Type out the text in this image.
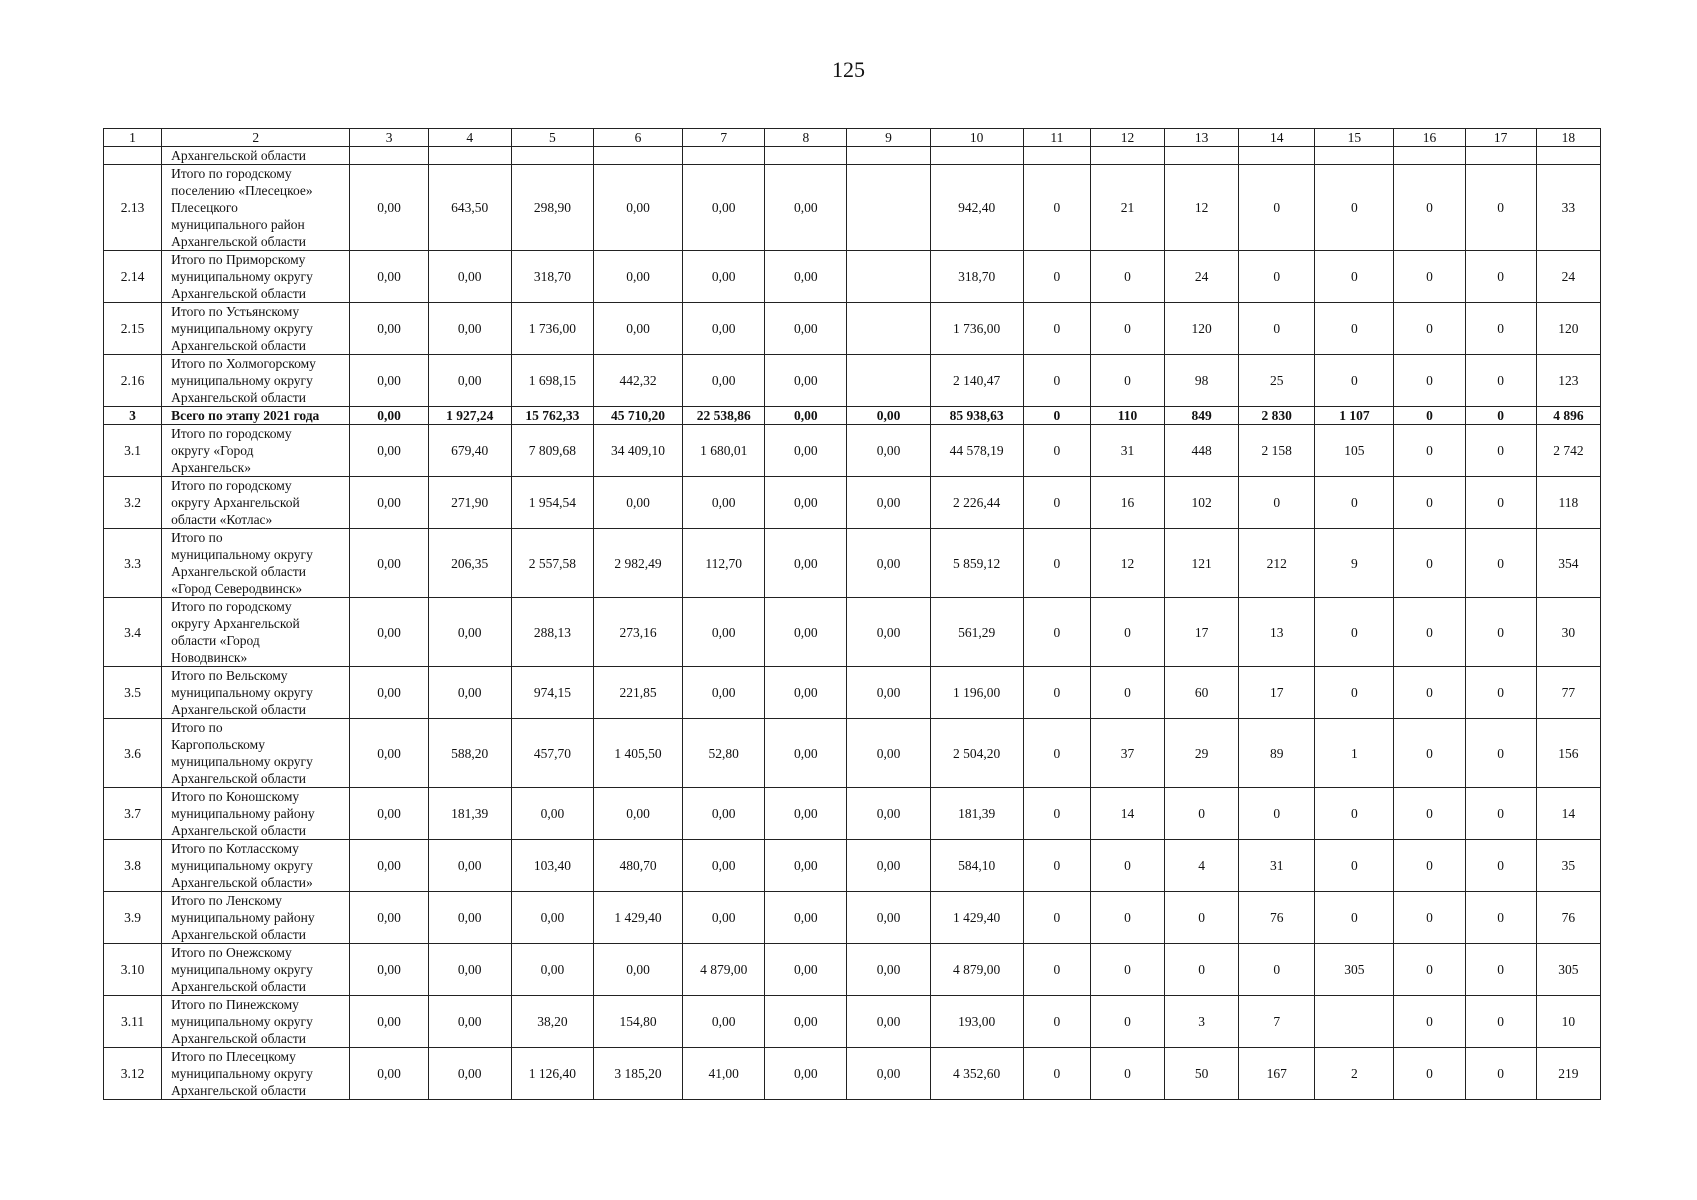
125
1	2	3	4	5	6	7	8	9	10	11	12	13	14	15	16	17	18
	Архангельской области																
2.13	Итого по городскому
поселению «Плесецкое»
Плесецкого
муниципального район
Архангельской области	0,00	643,50	298,90	0,00	0,00	0,00		942,40	0	21	12	0	0	0	0	33
2.14	Итого по Приморскому
муниципальному округу
Архангельской области	0,00	0,00	318,70	0,00	0,00	0,00		318,70	0	0	24	0	0	0	0	24
2.15	Итого по Устьянскому
муниципальному округу
Архангельской области	0,00	0,00	1 736,00	0,00	0,00	0,00		1 736,00	0	0	120	0	0	0	0	120
2.16	Итого по Холмогорскому
муниципальному округу
Архангельской области	0,00	0,00	1 698,15	442,32	0,00	0,00		2 140,47	0	0	98	25	0	0	0	123
3	Всего по этапу 2021 года	0,00	1 927,24	15 762,33	45 710,20	22 538,86	0,00	0,00	85 938,63	0	110	849	2 830	1 107	0	0	4 896
3.1	Итого по городскому
округу «Город
Архангельск»	0,00	679,40	7 809,68	34 409,10	1 680,01	0,00	0,00	44 578,19	0	31	448	2 158	105	0	0	2 742
3.2	Итого по городскому
округу Архангельской
области «Котлас»	0,00	271,90	1 954,54	0,00	0,00	0,00	0,00	2 226,44	0	16	102	0	0	0	0	118
3.3	Итого по
муниципальному округу
Архангельской области
«Город Северодвинск»	0,00	206,35	2 557,58	2 982,49	112,70	0,00	0,00	5 859,12	0	12	121	212	9	0	0	354
3.4	Итого по городскому
округу Архангельской
области «Город
Новодвинск»	0,00	0,00	288,13	273,16	0,00	0,00	0,00	561,29	0	0	17	13	0	0	0	30
3.5	Итого по Вельскому
муниципальному округу
Архангельской области	0,00	0,00	974,15	221,85	0,00	0,00	0,00	1 196,00	0	0	60	17	0	0	0	77
3.6	Итого по
Каргопольскому
муниципальному округу
Архангельской области	0,00	588,20	457,70	1 405,50	52,80	0,00	0,00	2 504,20	0	37	29	89	1	0	0	156
3.7	Итого по Коношскому
муниципальному району
Архангельской области	0,00	181,39	0,00	0,00	0,00	0,00	0,00	181,39	0	14	0	0	0	0	0	14
3.8	Итого по Котласскому
муниципальному округу
Архангельской области»	0,00	0,00	103,40	480,70	0,00	0,00	0,00	584,10	0	0	4	31	0	0	0	35
3.9	Итого по Ленскому
муниципальному району
Архангельской области	0,00	0,00	0,00	1 429,40	0,00	0,00	0,00	1 429,40	0	0	0	76	0	0	0	76
3.10	Итого по Онежскому
муниципальному округу
Архангельской области	0,00	0,00	0,00	0,00	4 879,00	0,00	0,00	4 879,00	0	0	0	0	305	0	0	305
3.11	Итого по Пинежскому
муниципальному округу
Архангельской области	0,00	0,00	38,20	154,80	0,00	0,00	0,00	193,00	0	0	3	7		0	0	10
3.12	Итого по Плесецкому
муниципальному округу
Архангельской области	0,00	0,00	1 126,40	3 185,20	41,00	0,00	0,00	4 352,60	0	0	50	167	2	0	0	219
